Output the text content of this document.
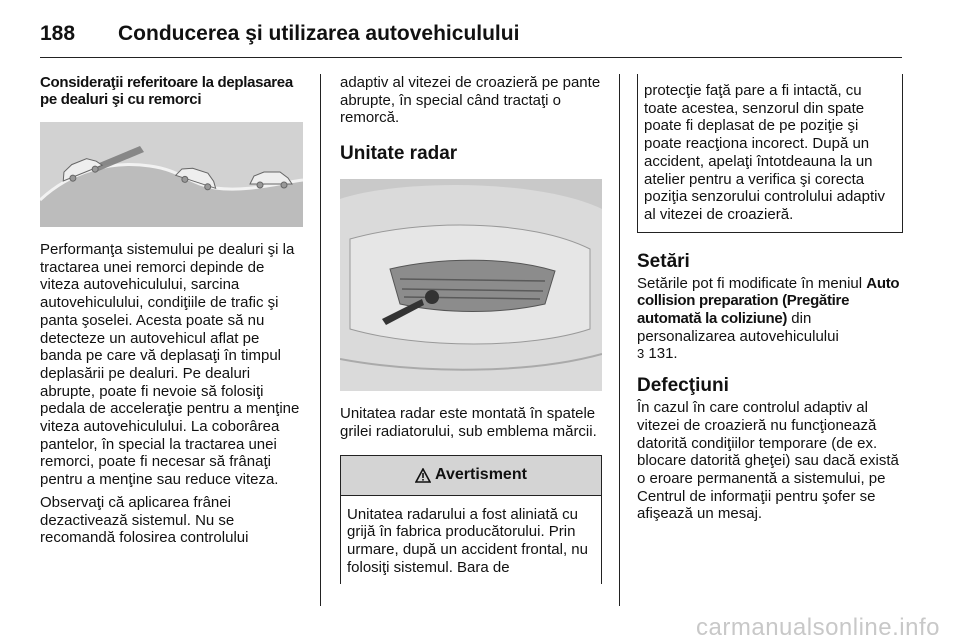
188 Conducerea şi utilizarea autovehiculului
Consideraţii referitoare la deplasarea pe dealuri şi cu remorci

Performanţa sistemului pe dealuri şi la tractarea unei remorci depinde de viteza autovehiculului, sarcina autovehiculului, condiţiile de trafic şi panta şoselei. Acesta poate să nu detecteze un autovehicul aflat pe banda pe care vă deplasaţi în timpul deplasării pe dealuri. Pe dealuri abrupte, poate fi nevoie să folosiţi pedala de acceleraţie pentru a menţine viteza autovehiculului. La coborârea pantelor, în special la tractarea unei remorci, poate fi necesar să frânaţi pentru a menţine sau reduce viteza.

Observaţi că aplicarea frânei dezactivează sistemul. Nu se recomandă folosirea controlului

adaptiv al vitezei de croazieră pe pante abrupte, în special când tractaţi o remorcă.

Unitate radar

Unitatea radar este montată în spatele grilei radiatorului, sub emblema mărcii.

Avertisment
Unitatea radarului a fost aliniată cu grijă în fabrica producătorului. Prin urmare, după un accident frontal, nu folosiţi sistemul. Bara de

protecţie faţă pare a fi intactă, cu toate acestea, senzorul din spate poate fi deplasat de pe poziţie şi poate reacţiona incorect. După un accident, apelaţi întotdeauna la un atelier pentru a verifica şi corecta poziţia senzorului controlului adaptiv al vitezei de croazieră.

Setări

Setările pot fi modificate în meniul Auto collision preparation (Pregătire automată la coliziune) din personalizarea autovehiculului
3 131.

Defecţiuni

În cazul în care controlul adaptiv al vitezei de croazieră nu funcţionează datorită condiţiilor temporare (de ex. blocare datorită gheţei) sau dacă există o eroare permanentă a sistemului, pe Centrul de informaţii pentru şofer se afişează un mesaj.

carmanualsonline.info
